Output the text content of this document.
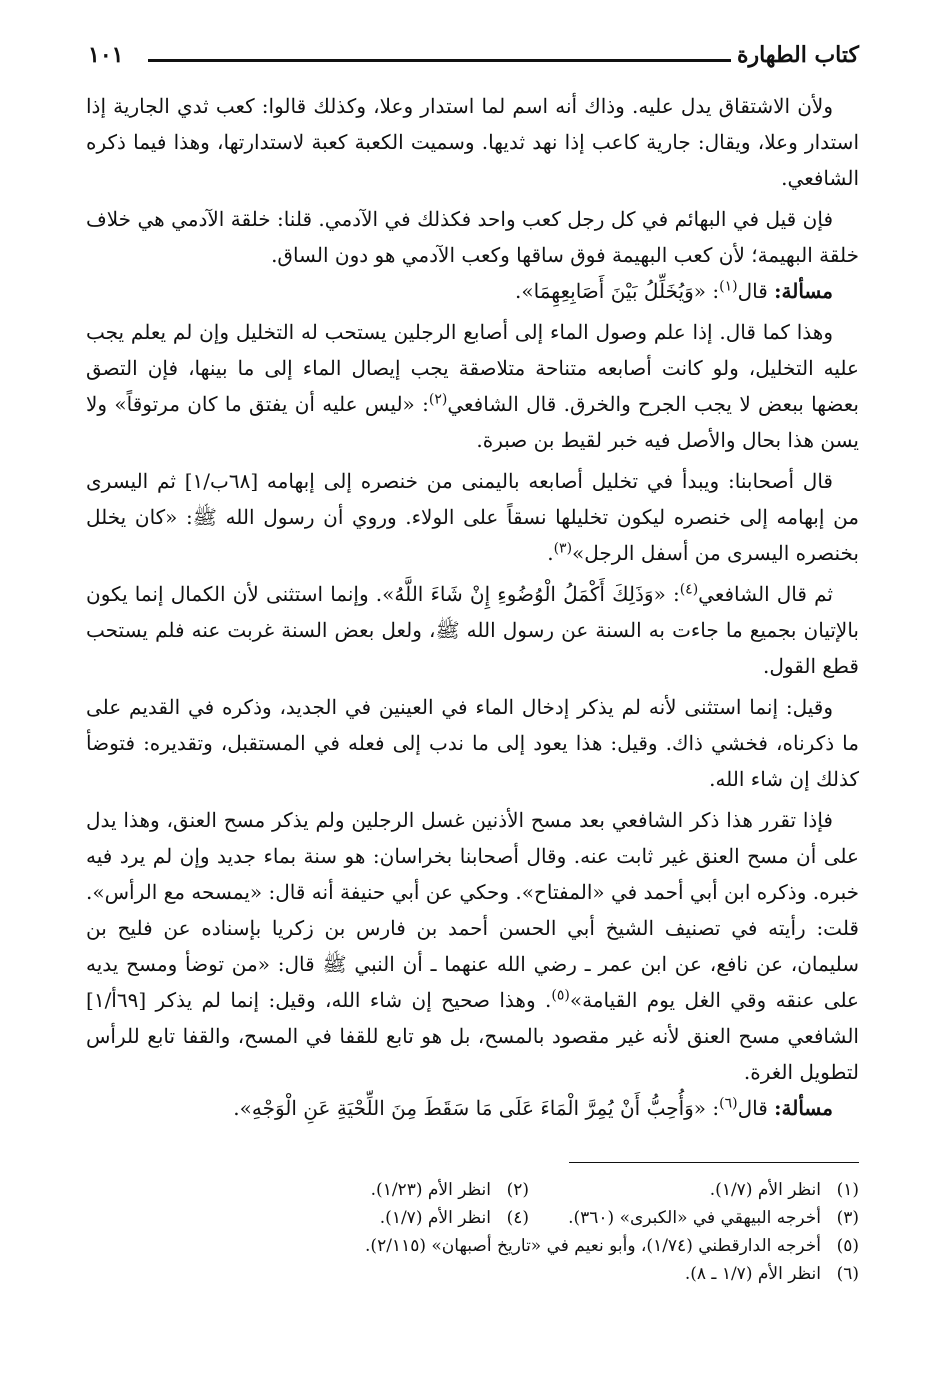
كتاب الطهارة
١٠١

ولأن الاشتقاق يدل عليه. وذاك أنه اسم لما استدار وعلا، وكذلك قالوا: كعب ثدي الجارية إذا استدار وعلا، ويقال: جارية كاعب إذا نهد ثديها. وسميت الكعبة كعبة لاستدارتها، وهذا فيما ذكره الشافعي.

فإن قيل في البهائم في كل رجل كعب واحد فكذلك في الآدمي. قلنا: خلقة الآدمي هي خلاف خلقة البهيمة؛ لأن كعب البهيمة فوق ساقها وكعب الآدمي هو دون الساق.

مسألة: قال$^{(١)}$: «وَيُخَلِّلُ بَيْنَ أَصَابِعِهِمَا».

وهذا كما قال. إذا علم وصول الماء إلى أصابع الرجلين يستحب له التخليل وإن لم يعلم يجب عليه التخليل، ولو كانت أصابعه متناحة متلاصقة يجب إيصال الماء إلى ما بينها، فإن التصق بعضها ببعض لا يجب الجرح والخرق. قال الشافعي$^{(٢)}$: «ليس عليه أن يفتق ما كان مرتوقاً» ولا يسن هذا بحال والأصل فيه خبر لقيط بن صبرة.

قال أصحابنا: ويبدأ في تخليل أصابعه باليمنى من خنصره إلى إبهامه [٦٨ب/١] ثم اليسرى من إبهامه إلى خنصره ليكون تخليلها نسقاً على الولاء. وروي أن رسول الله ﷺ: «كان يخلل بخنصره اليسرى من أسفل الرجل»$^{(٣)}$.

ثم قال الشافعي$^{(٤)}$: «وَذَلِكَ أَكْمَلُ الْوُضُوءِ إِنْ شَاءَ اللَّهُ». وإنما استثنى لأن الكمال إنما يكون بالإتيان بجميع ما جاءت به السنة عن رسول الله ﷺ، ولعل بعض السنة غربت عنه فلم يستحب قطع القول.

وقيل: إنما استثنى لأنه لم يذكر إدخال الماء في العينين في الجديد، وذكره في القديم على ما ذكرناه، فخشي ذاك. وقيل: هذا يعود إلى ما ندب إلى فعله في المستقبل، وتقديره: فتوضأ كذلك إن شاء الله.

فإذا تقرر هذا ذكر الشافعي بعد مسح الأذنين غسل الرجلين ولم يذكر مسح العنق، وهذا يدل على أن مسح العنق غير ثابت عنه. وقال أصحابنا بخراسان: هو سنة بماء جديد وإن لم يرد فيه خبره. وذكره ابن أبي أحمد في «المفتاح». وحكي عن أبي حنيفة أنه قال: «يمسحه مع الرأس». قلت: رأيته في تصنيف الشيخ أبي الحسن أحمد بن فارس بن زكريا بإسناده عن فليح بن سليمان، عن نافع، عن ابن عمر ـ رضي الله عنهما ـ أن النبي ﷺ قال: «من توضأ ومسح يديه على عنقه وقي الغل يوم القيامة»$^{(٥)}$. وهذا صحيح إن شاء الله، وقيل: إنما لم يذكر [٦٩أ/١] الشافعي مسح العنق لأنه غير مقصود بالمسح، بل هو تابع للقفا في المسح، والقفا تابع للرأس لتطويل الغرة.

مسألة: قال$^{(٦)}$: «وَأُحِبُّ أَنْ يُمِرَّ الْمَاءَ عَلَى مَا سَقَطَ مِنَ اللِّحْيَةِ عَنِ الْوَجْهِ».

(١)انظر الأم (١/٧).
(٢)انظر الأم (١/٢٣).
(٣)أخرجه البيهقي في «الكبرى» (٣٦٠).
(٤)انظر الأم (١/٧).
(٥)أخرجه الدارقطني (١/٧٤)، وأبو نعيم في «تاريخ أصبهان» (٢/١١٥).
(٦)انظر الأم (١/٧ ـ ٨).
